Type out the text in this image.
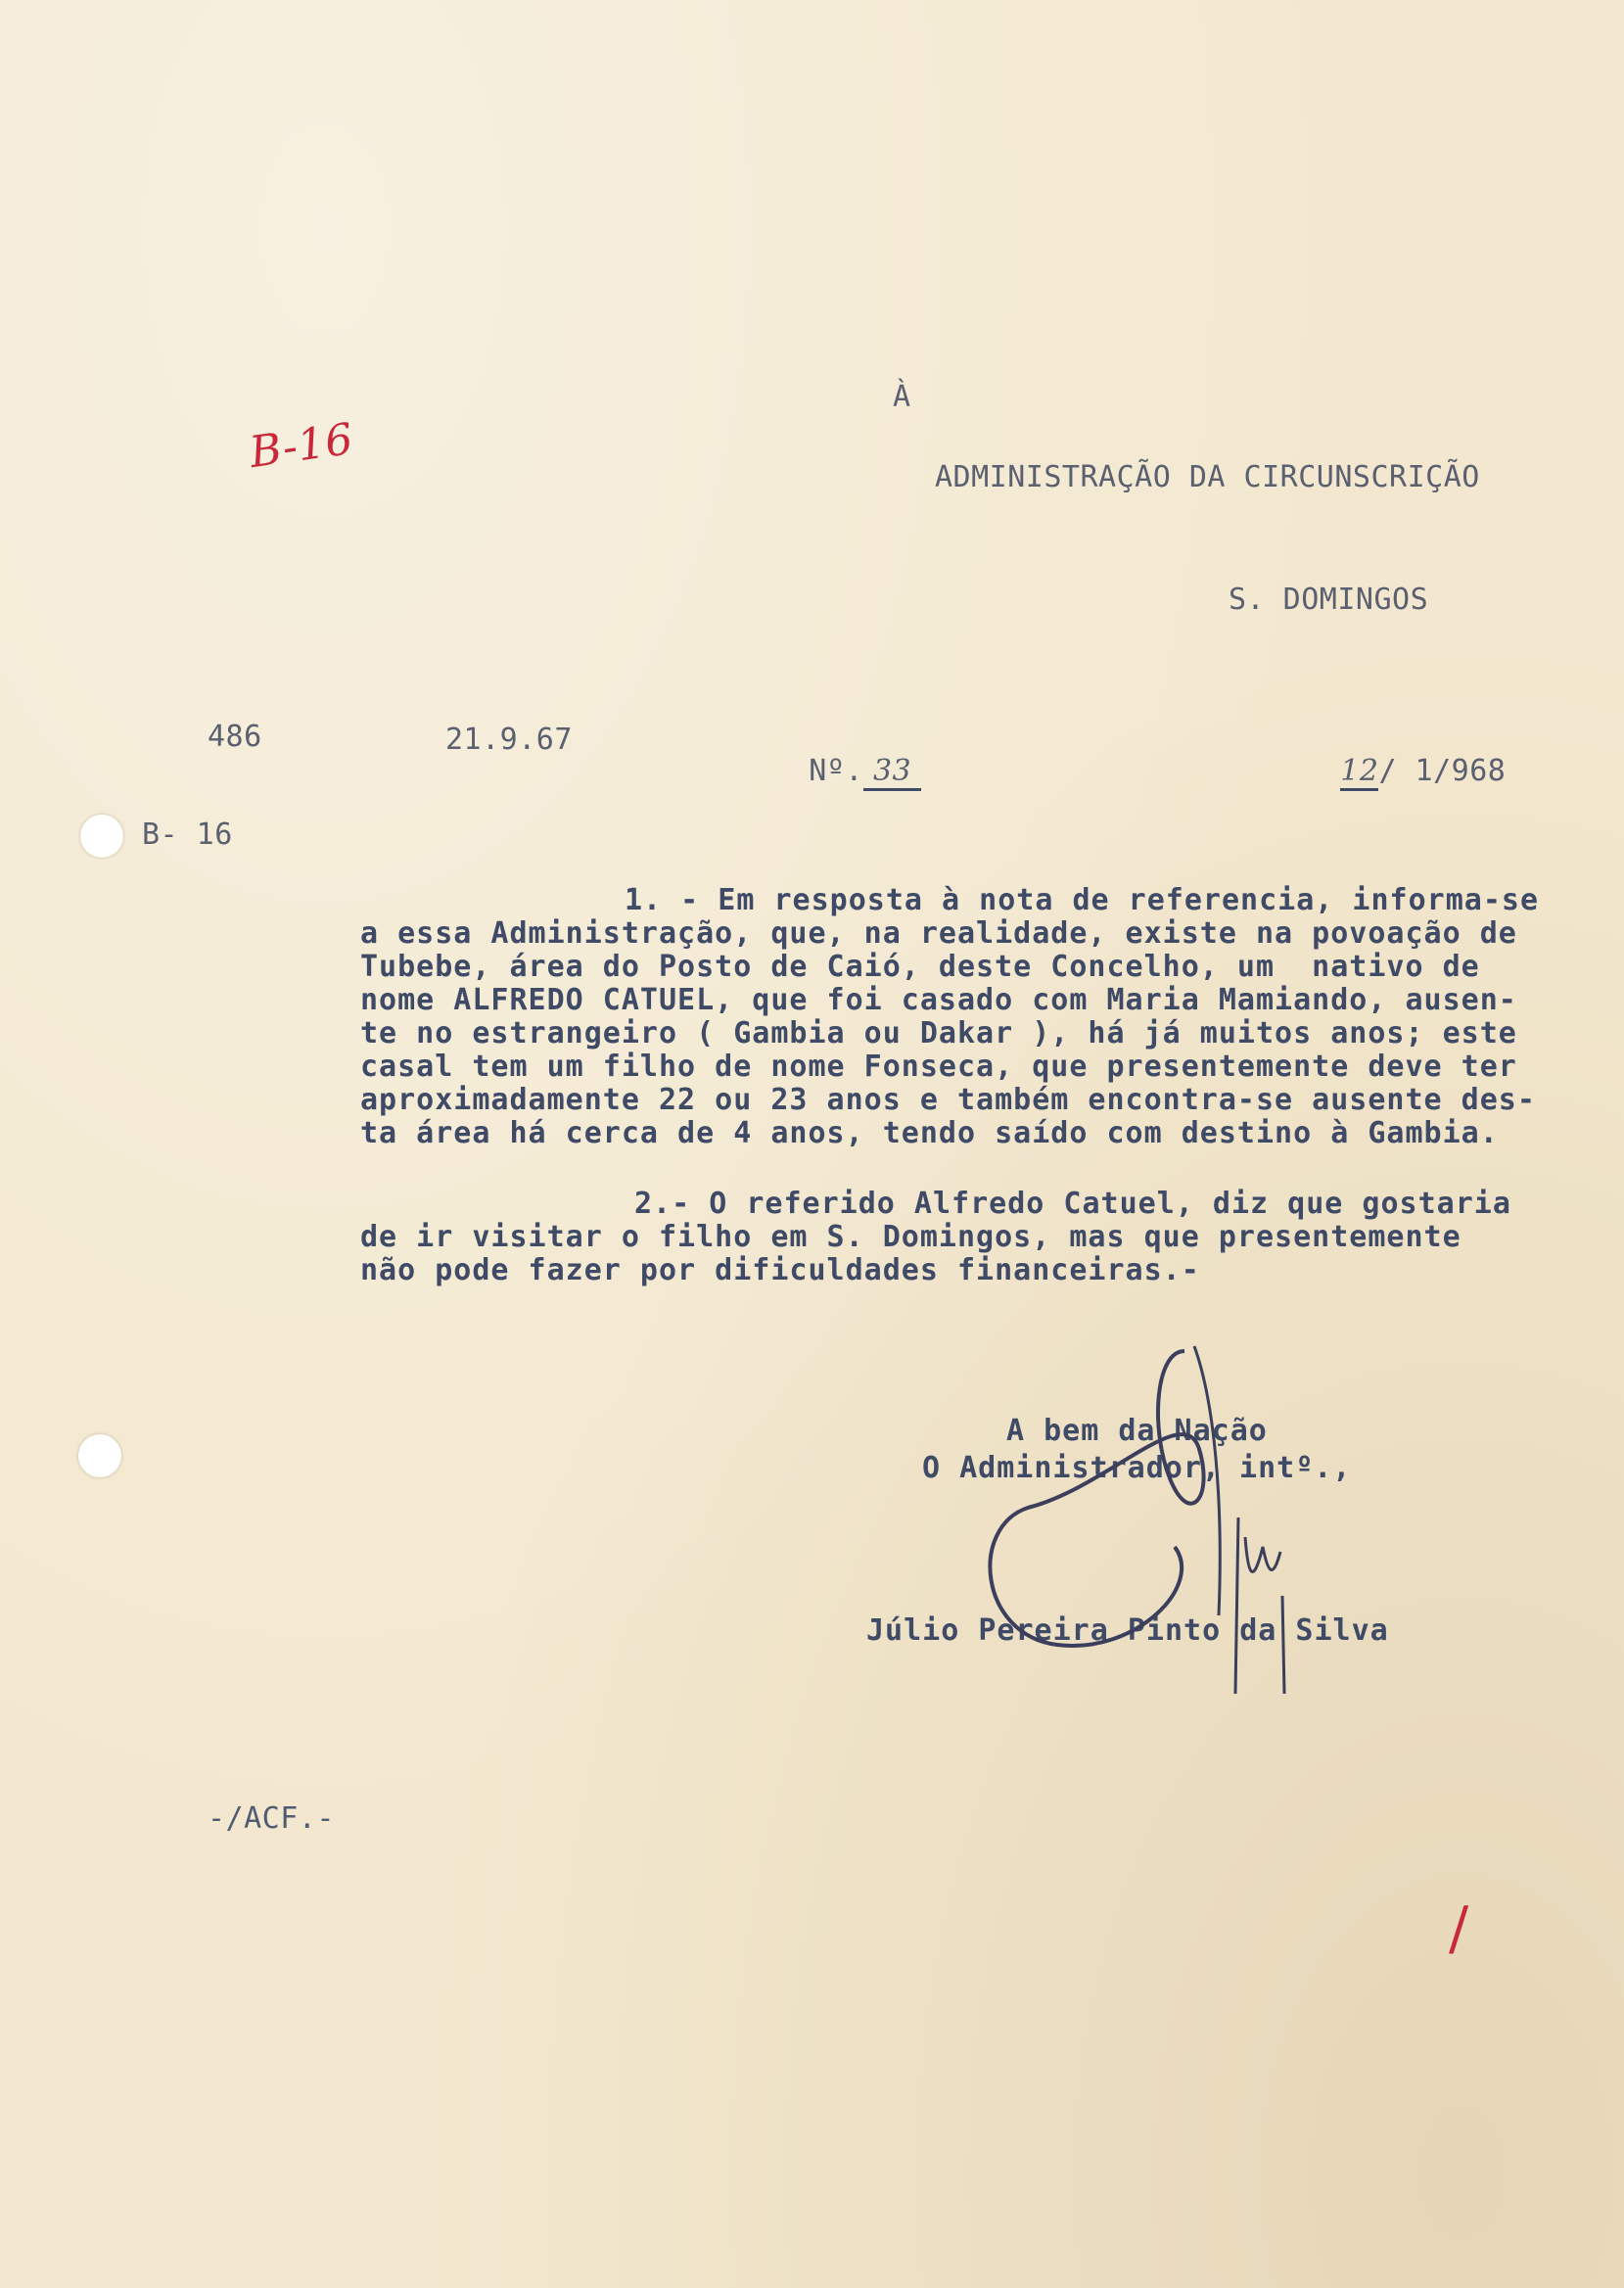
À
ADMINISTRAÇÃO DA CIRCUNSCRIÇÃO
S. DOMINGOS
B-16
B- 16
486	21.9.67

Nº. 33
	12/ 1/968

1. - Em resposta à nota de referencia, informa-se
a essa Administração, que, na realidade, existe na povoação de
Tubebe, área do Posto de Caió, deste Concelho, um  nativo de
nome ALFREDO CATUEL, que foi casado com Maria Mamiando, ausen-
te no estrangeiro ( Gambia ou Dakar ), há já muitos anos; este
casal tem um filho de nome Fonseca, que presentemente deve ter
aproximadamente 22 ou 23 anos e também encontra-se ausente des-
ta área há cerca de 4 anos, tendo saído com destino à Gambia.
2.- O referido Alfredo Catuel, diz que gostaria
de ir visitar o filho em S. Domingos, mas que presentemente
não pode fazer por dificuldades financeiras.-
A bem da Nação
O Administrador, intº.,
Júlio Pereira Pinto da Silva
-/ACF.-
/
